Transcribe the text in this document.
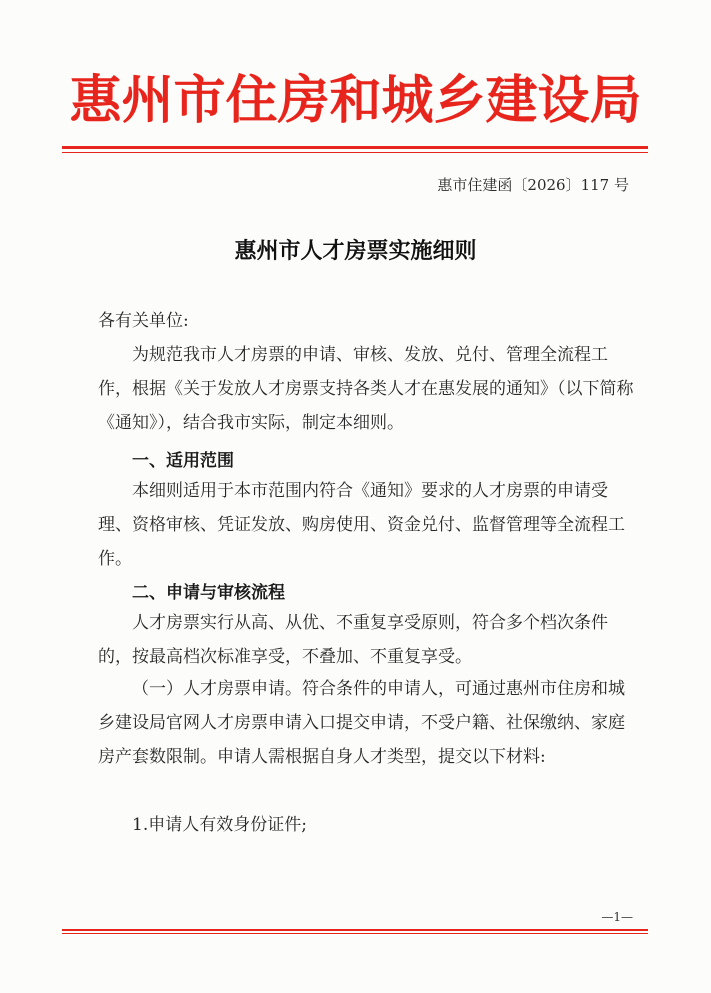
惠州市住房和城乡建设局
惠市住建函〔2026〕117 号
惠州市人才房票实施细则
各有关单位:
为规范我市人才房票的申请、审核、发放、兑付、管理全流程工作，根据《关于发放人才房票支持各类人才在惠发展的通知》（以下简称《通知》），结合我市实际，制定本细则。
一、适用范围
本细则适用于本市范围内符合《通知》要求的人才房票的申请受理、资格审核、凭证发放、购房使用、资金兑付、监督管理等全流程工作。
二、申请与审核流程
人才房票实行从高、从优、不重复享受原则，符合多个档次条件的，按最高档次标准享受，不叠加、不重复享受。
（一）人才房票申请。符合条件的申请人，可通过惠州市住房和城乡建设局官网人才房票申请入口提交申请，不受户籍、社保缴纳、家庭房产套数限制。申请人需根据自身人才类型，提交以下材料:
1.申请人有效身份证件;
—1—
